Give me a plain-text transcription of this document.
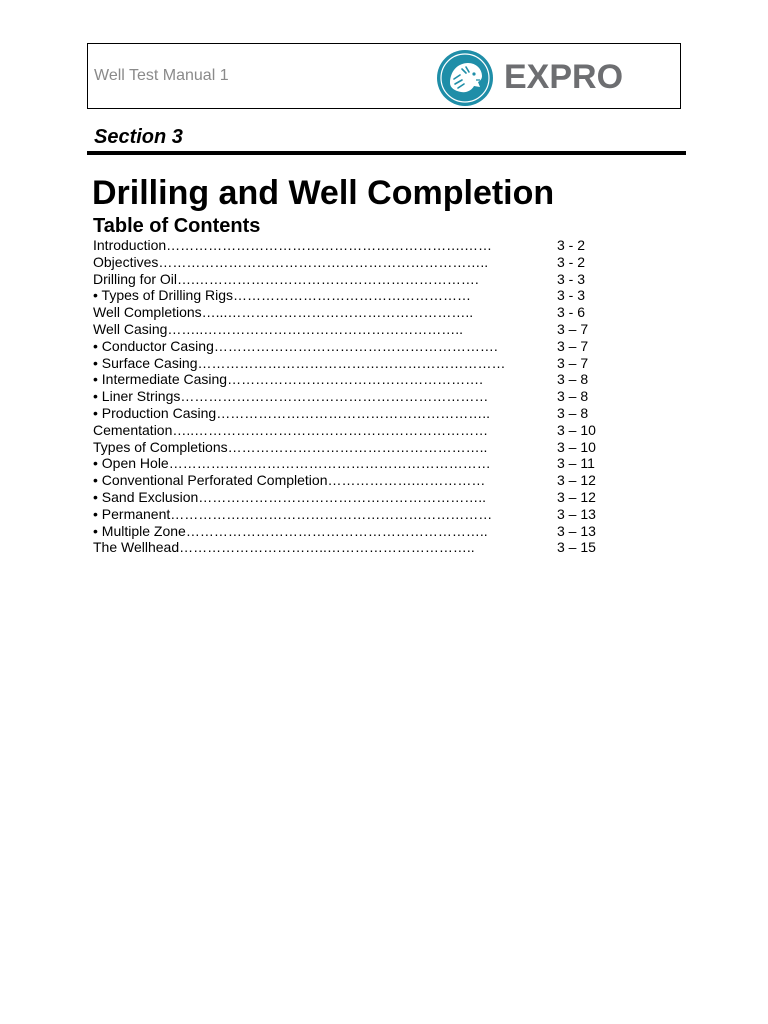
Well Test Manual 1	EXPRO
Section 3
Drilling and Well Completion
Table of Contents
Introduction……………………………………………………….……	3 - 2
Objectives……………………………………………………………..	3 - 2
Drilling for Oil….…………………………………………………….	3 - 3
• Types of Drilling Rigs……………………………………………	3 - 3
Well Completions…...……………………………………………..	3 - 6
Well Casing……..………………………………………………..	3 – 7
• Conductor Casing…………………………………………………….	3 – 7
• Surface Casing…………………………………………………………	3 – 7
• Intermediate Casing……………………………………………….	3 – 8
• Liner Strings…………………………………………………………	3 – 8
• Production Casing…………………………………………………..	3 – 8
Cementation…..………………………………………………………	3 – 10
Types of Completions………………………………………………..	3 – 10
• Open Hole……………………………………………………………	3 – 11
• Conventional Perforated Completion……………….……………	3 – 12
• Sand Exclusion……………………………………………………..	3 – 12
• Permanent……………………………………………………………	3 – 13
• Multiple Zone………………………………………………………..	3 – 13
The Wellhead…………………………..…………………………..	3 – 15
